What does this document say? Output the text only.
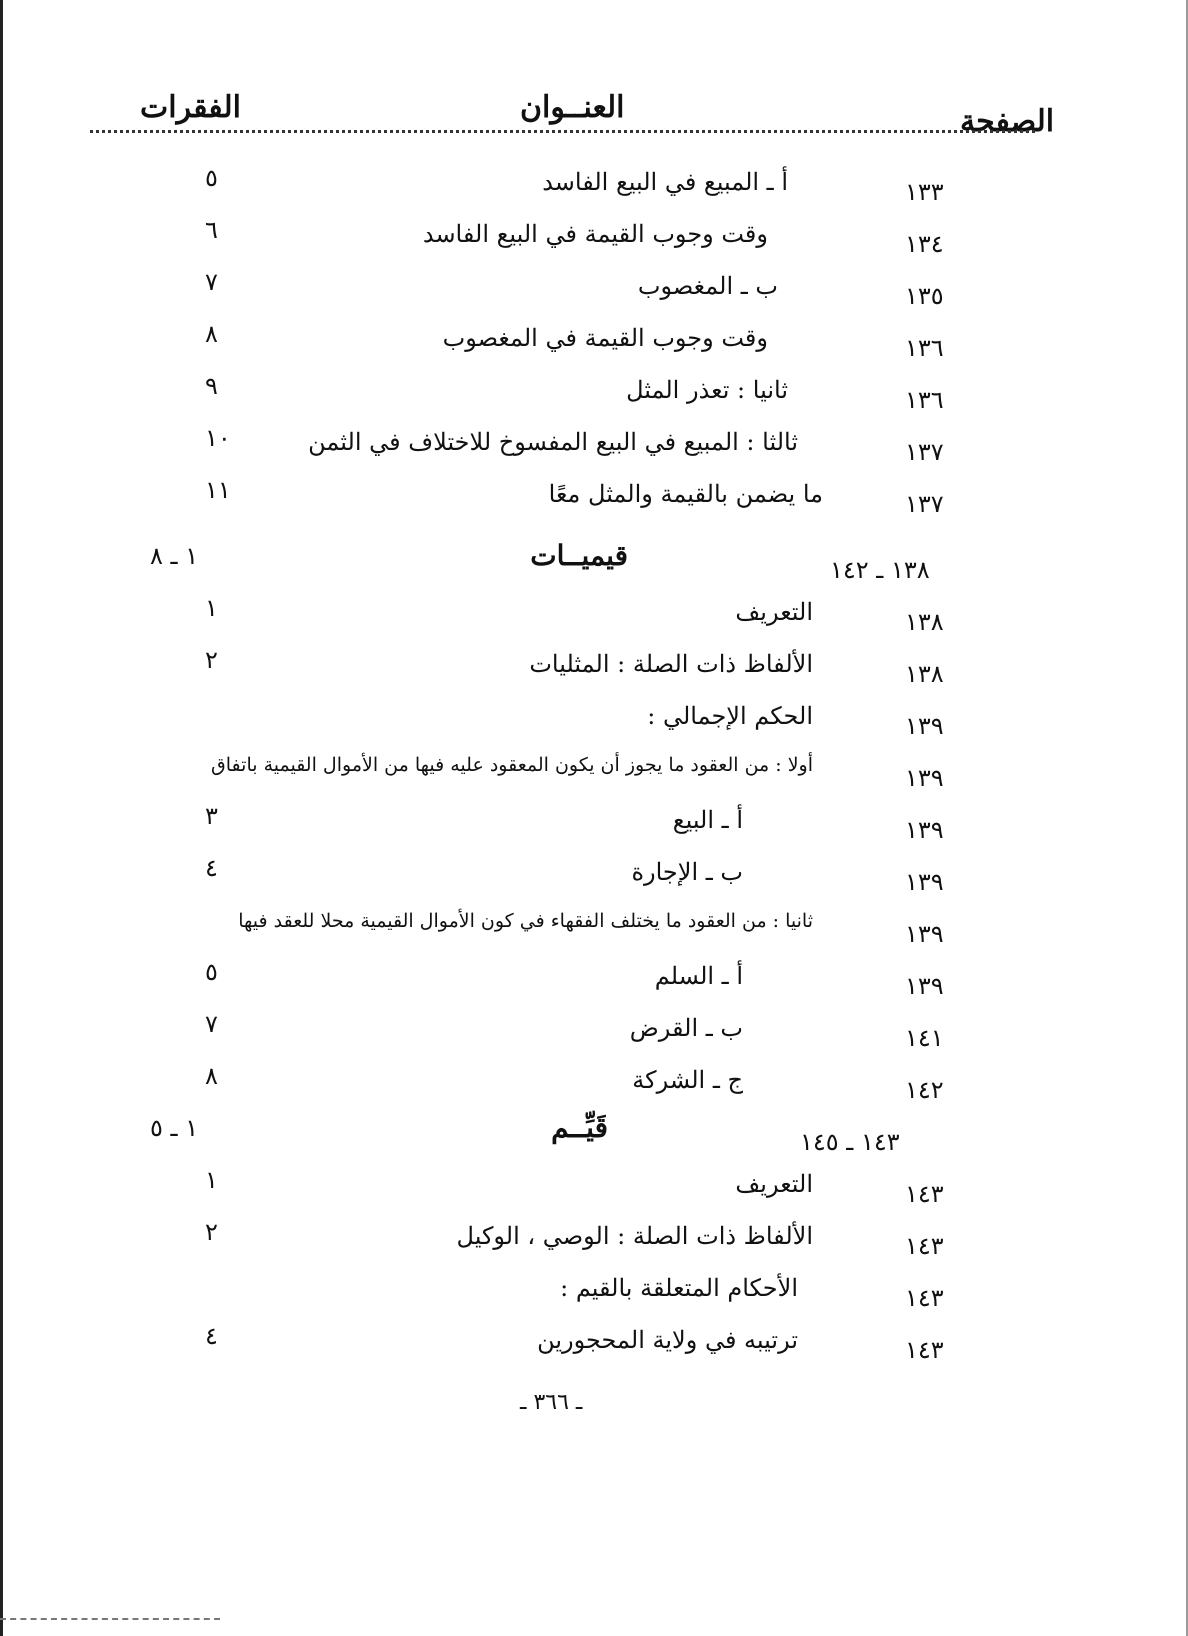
الصفحة
العنــوان
الفقرات
١٣٣
أ ـ المبيع في البيع الفاسد
٥
١٣٤
وقت وجوب القيمة في البيع الفاسد
٦
١٣٥
ب ـ المغصوب
٧
١٣٦
وقت وجوب القيمة في المغصوب
٨
١٣٦
ثانيا : تعذر المثل
٩
١٣٧
ثالثا : المبيع في البيع المفسوخ للاختلاف في الثمن
١٠
١٣٧
ما يضمن بالقيمة والمثل معًا
١١
١٣٨ ـ ١٤٢
قيميــات
١ ـ ٨
١٣٨
التعريف
١
١٣٨
الألفاظ ذات الصلة : المثليات
٢
١٣٩
الحكم الإجمالي :
١٣٩
أولا : من العقود ما يجوز أن يكون المعقود عليه فيها من الأموال القيمية باتفاق
١٣٩
أ ـ البيع
٣
١٣٩
ب ـ الإجارة
٤
١٣٩
ثانيا : من العقود ما يختلف الفقهاء في كون الأموال القيمية محلا للعقد فيها
١٣٩
أ ـ السلم
٥
١٤١
ب ـ القرض
٧
١٤٢
ج ـ الشركة
٨
١٤٣ ـ ١٤٥
قَيِّــم
١ ـ ٥
١٤٣
التعريف
١
١٤٣
الألفاظ ذات الصلة : الوصي ، الوكيل
٢
١٤٣
الأحكام المتعلقة بالقيم :
١٤٣
ترتيبه في ولاية المحجورين
٤
ـ ٣٦٦ ـ
